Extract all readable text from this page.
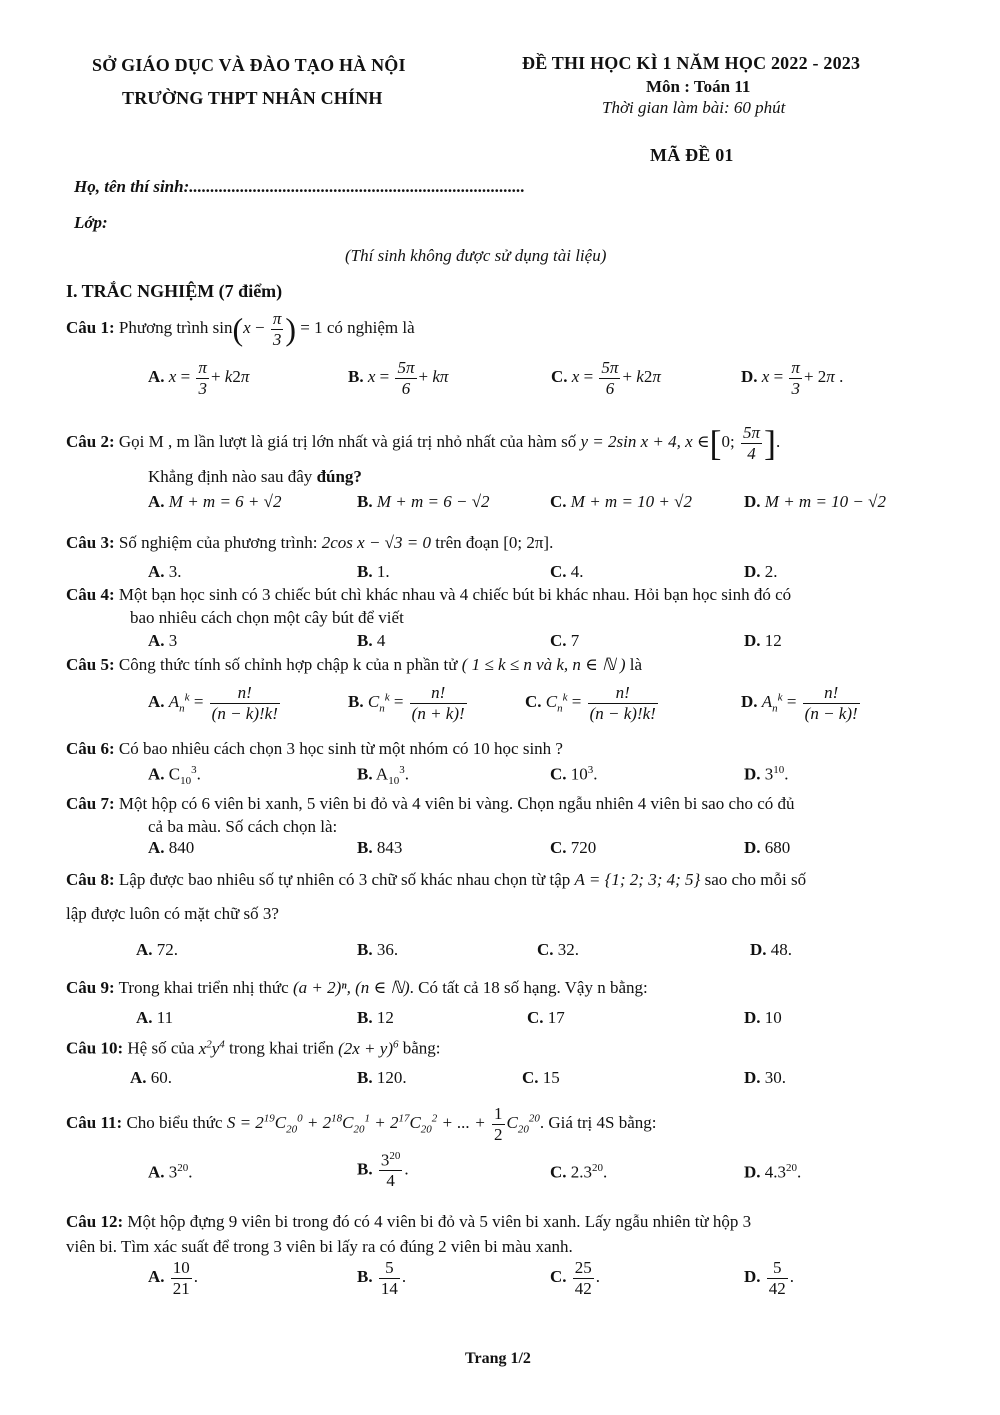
SỞ GIÁO DỤC VÀ ĐÀO TẠO HÀ NỘI
TRƯỜNG THPT NHÂN CHÍNH
ĐỀ THI HỌC KÌ 1 NĂM HỌC 2022 - 2023
Môn : Toán 11
Thời gian làm bài: 60 phút
MÃ ĐỀ 01
Họ, tên thí sinh:...............................................................................
Lớp:
(Thí sinh không được sử dụng tài liệu)
I. TRẮC NGHIỆM (7 điểm)
Câu 1: Phương trình $\sin(x - \frac{\pi}{3}$ ) = 1 có nghiệm là
A. $x = \frac{\pi}{3} + k2\pi$	B. $x = \frac{5\pi}{6} + k\pi$	C. $x = \frac{5\pi}{6} + k2\pi$	D. $x = \frac{\pi}{3} + 2\pi$ .
Câu 2: Gọi M , m lần lượt là giá trị lớn nhất và giá trị nhỏ nhất của hàm số y = 2sin x + 4, x ∈[0; $\frac{5\pi}{4}$ ].
Khẳng định nào sau đây đúng?
A. M + m = 6 + √2	B. M + m = 6 − √2	C. M + m = 10 + √2	D. M + m = 10 − √2
Câu 3: Số nghiệm của phương trình: 2cos x − √3 = 0 trên đoạn [0; 2π].
A. 3.	B. 1.	C. 4.	D. 2.
Câu 4: Một bạn học sinh có 3 chiếc bút chì khác nhau và 4 chiếc bút bi khác nhau. Hỏi bạn học sinh đó có
bao nhiêu cách chọn một cây bút để viết
A. 3	B. 4	C. 7	D. 12
Câu 5: Công thức tính số chỉnh hợp chập k của n phần tử ( 1 ≤ k ≤ n và k, n ∈ ℕ ) là
A. $A_n^k = \frac{n!}{(n - k)!k!}$	B. $C_n^k = \frac{n!}{(n + k)!}$	C. $C_n^k = \frac{n!}{(n - k)!k!}$	D. $A_n^k = \frac{n!}{(n - k)!}$
Câu 6: Có bao nhiêu cách chọn 3 học sinh từ một nhóm có 10 học sinh ?
A. $C_{10}^3$.	B. $A_{10}^3$.	C. $10^3$.	D. $3^{10}$.
Câu 7: Một hộp có 6 viên bi xanh, 5 viên bi đỏ và 4 viên bi vàng. Chọn ngẫu nhiên 4 viên bi sao cho có đủ
cả ba màu. Số cách chọn là:
A. 840	B. 843	C. 720	D. 680
Câu 8: Lập được bao nhiêu số tự nhiên có 3 chữ số khác nhau chọn từ tập A = {1; 2; 3; 4; 5} sao cho mỗi số
lập được luôn có mặt chữ số 3?
A. 72.	B. 36.	C. 32.	D. 48.
Câu 9: Trong khai triển nhị thức (a + 2)ⁿ, (n ∈ ℕ). Có tất cả 18 số hạng. Vậy n bằng:
A. 11	B. 12	C. 17	D. 10
Câu 10: Hệ số của $x^2y^4$ trong khai triển $(2x + y)^6$ bằng:
A. 60.	B. 120.	C. 15	D. 30.
Câu 11: Cho biểu thức $S = 2^{19}C_{20}^0 + 2^{18}C_{20}^1 + 2^{17}C_{20}^2$ + ... + $\frac{1}{2} C_{20}^{20}$. Giá trị 4S bằng:
A. $3^{20}$.	B. $\frac{3^{20}}{4}$ .	C. $2.3^{20}$.	D. $4.3^{20}$.
Câu 12: Một hộp đựng 9 viên bi trong đó có 4 viên bi đỏ và 5 viên bi xanh. Lấy ngẫu nhiên từ hộp 3
viên bi. Tìm xác suất để trong 3 viên bi lấy ra có đúng 2 viên bi màu xanh.
A. $\frac{10}{21}$ .	B. $\frac{5}{14}$ .	C. $\frac{25}{42}$ .	D. $\frac{5}{42}$ .
Trang 1/2
